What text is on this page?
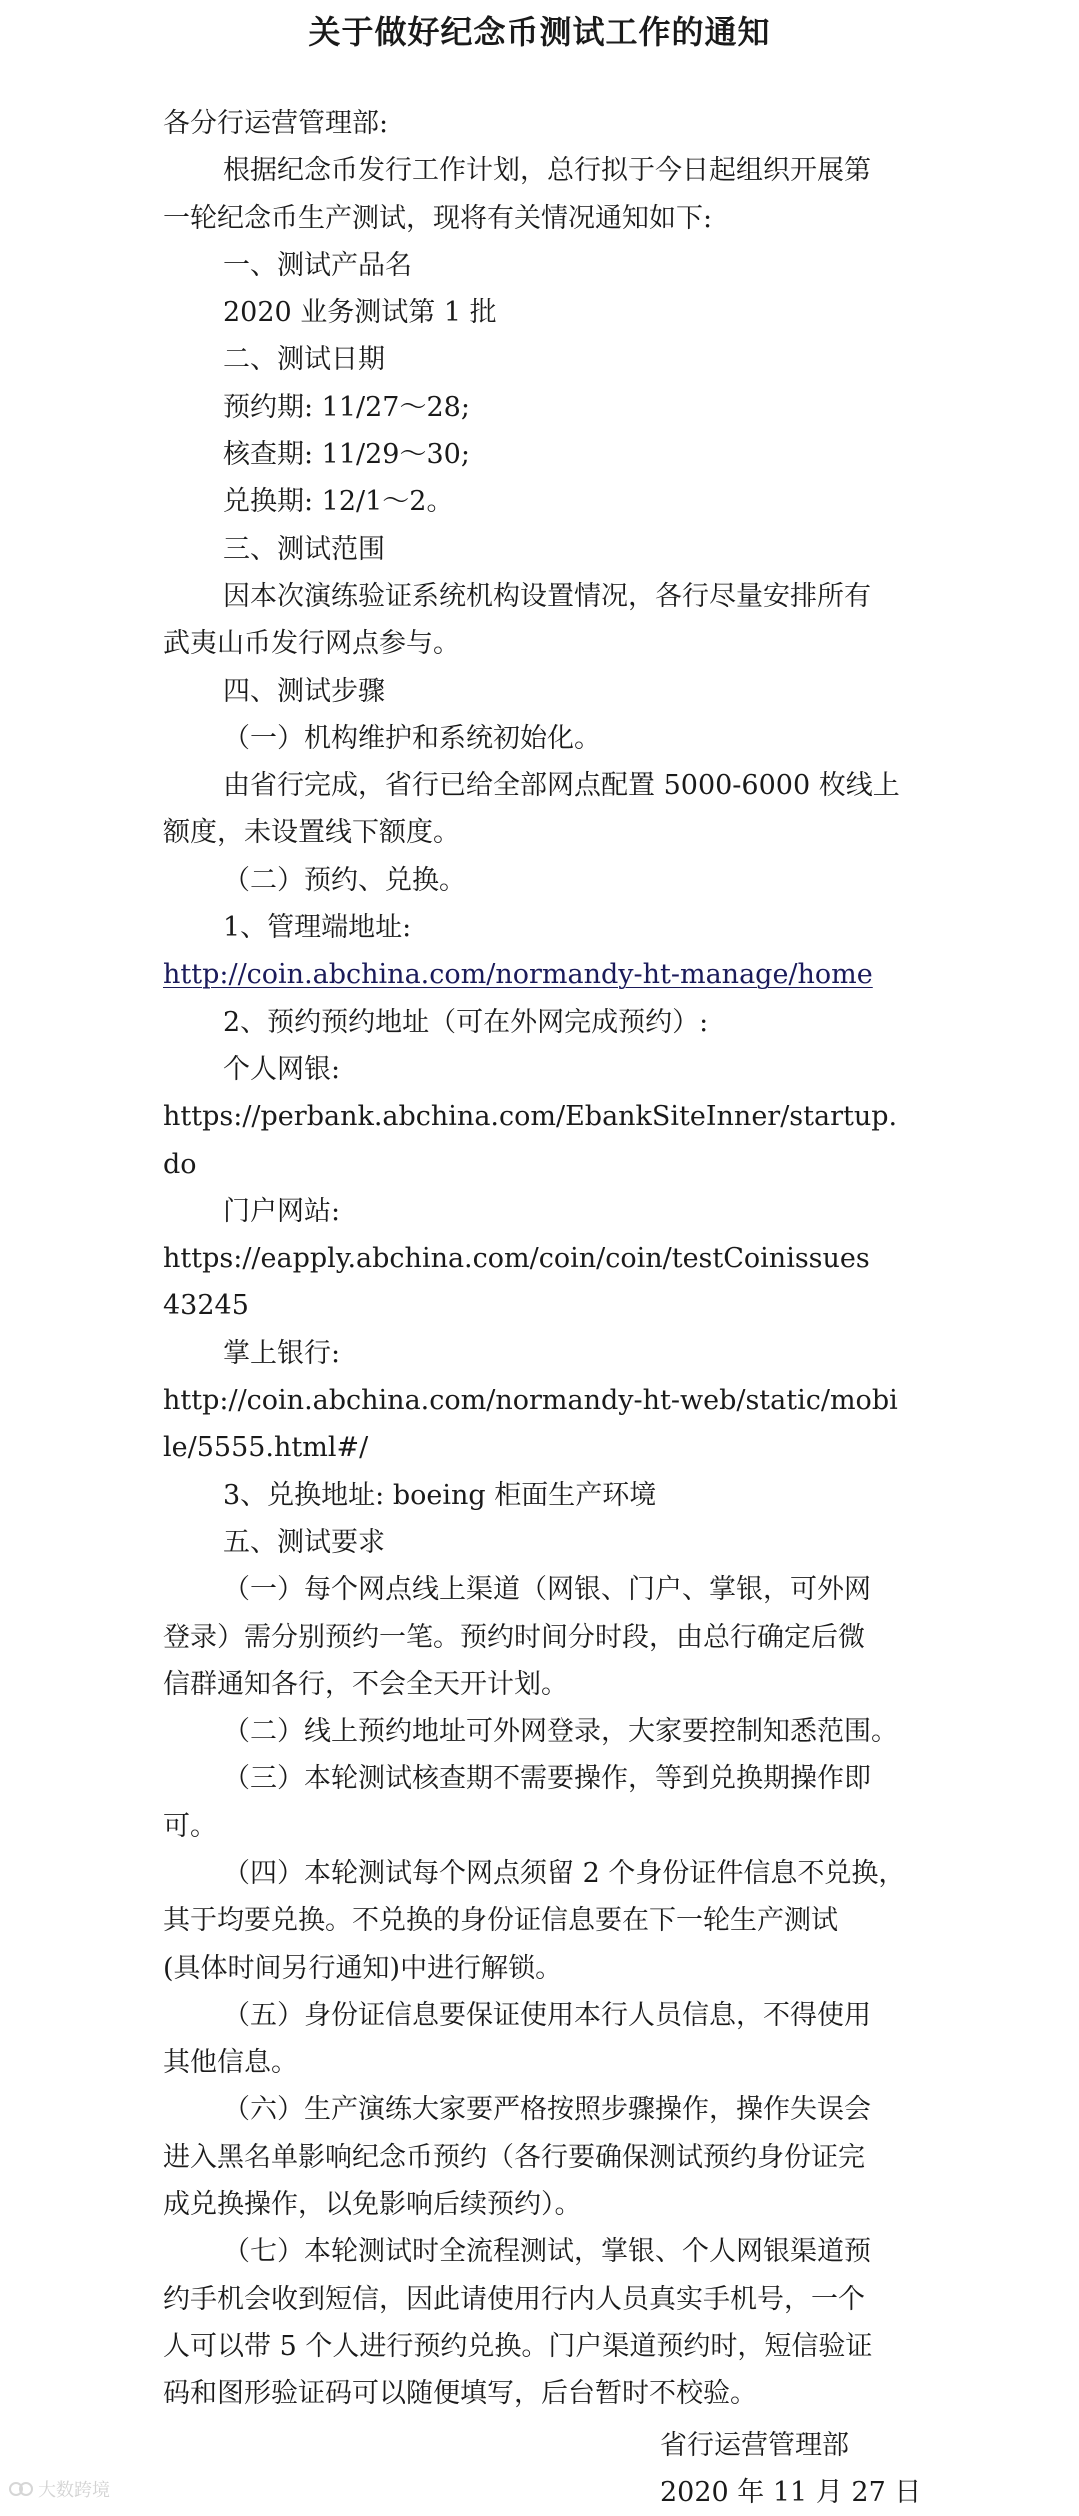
关于做好纪念币测试工作的通知
各分行运营管理部:
根据纪念币发行工作计划，总行拟于今日起组织开展第
一轮纪念币生产测试，现将有关情况通知如下:
一、测试产品名
2020 业务测试第 1 批
二、测试日期
预约期: 11/27～28;
核查期: 11/29～30;
兑换期: 12/1～2。
三、测试范围
因本次演练验证系统机构设置情况，各行尽量安排所有
武夷山币发行网点参与。
四、测试步骤
（一）机构维护和系统初始化。
由省行完成，省行已给全部网点配置 5000-6000 枚线上
额度，未设置线下额度。
（二）预约、兑换。
1、管理端地址:
http://coin.abchina.com/normandy-ht-manage/home
2、预约预约地址（可在外网完成预约）:
个人网银:
https://perbank.abchina.com/EbankSiteInner/startup.
do
门户网站:
https://eapply.abchina.com/coin/coin/testCoinissues
43245
掌上银行:
http://coin.abchina.com/normandy-ht-web/static/mobi
le/5555.html#/
3、兑换地址: boeing 柜面生产环境
五、测试要求
（一）每个网点线上渠道（网银、门户、掌银，可外网
登录）需分别预约一笔。预约时间分时段，由总行确定后微
信群通知各行，不会全天开计划。
（二）线上预约地址可外网登录，大家要控制知悉范围。
（三）本轮测试核查期不需要操作，等到兑换期操作即
可。
（四）本轮测试每个网点须留 2 个身份证件信息不兑换，
其于均要兑换。不兑换的身份证信息要在下一轮生产测试
(具体时间另行通知)中进行解锁。
（五）身份证信息要保证使用本行人员信息，不得使用
其他信息。
（六）生产演练大家要严格按照步骤操作，操作失误会
进入黑名单影响纪念币预约（各行要确保测试预约身份证完
成兑换操作，以免影响后续预约）。
（七）本轮测试时全流程测试，掌银、个人网银渠道预
约手机会收到短信，因此请使用行内人员真实手机号，一个
人可以带 5 个人进行预约兑换。门户渠道预约时，短信验证
码和图形验证码可以随便填写，后台暂时不校验。
省行运营管理部
2020 年 11 月 27 日
大数跨境
